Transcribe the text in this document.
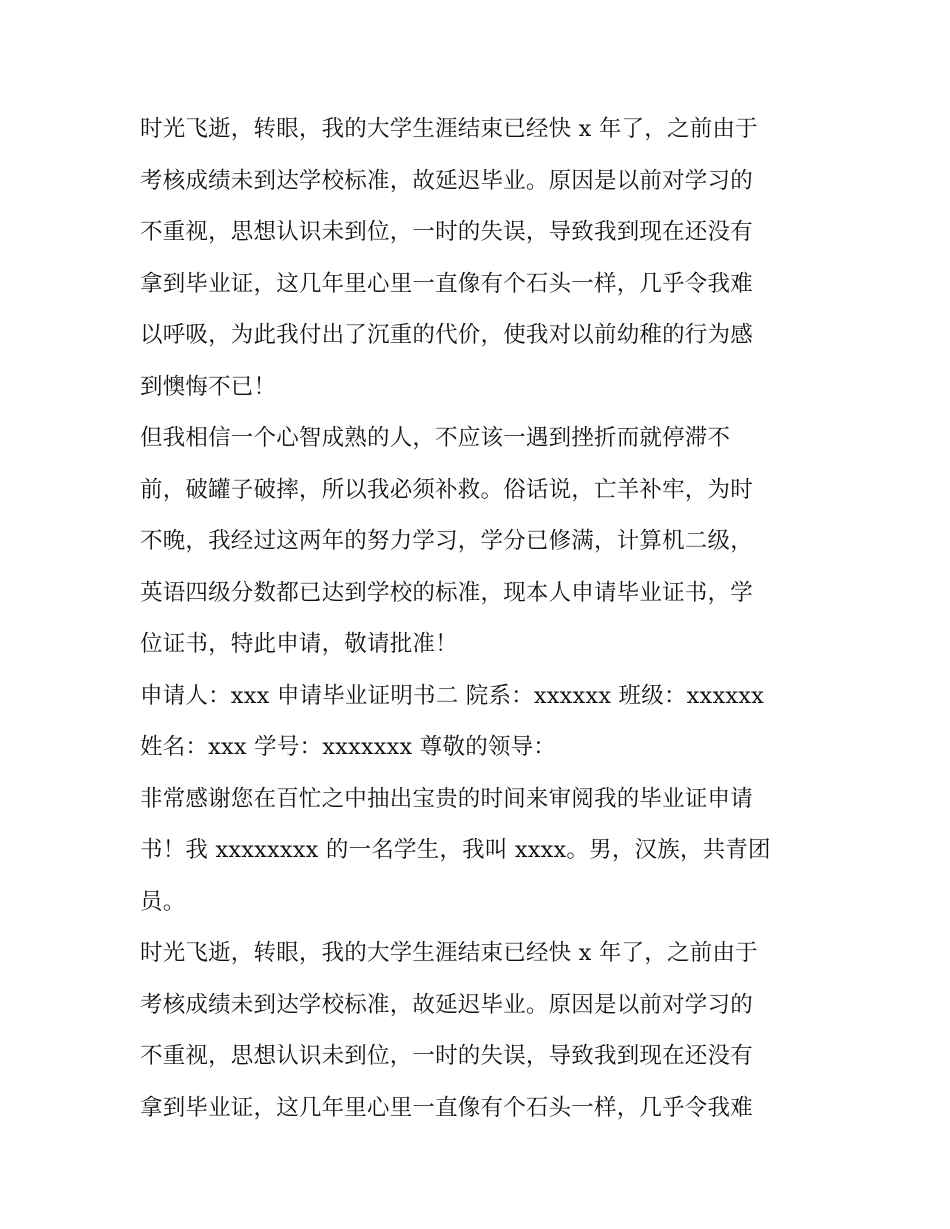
时光飞逝，转眼，我的大学生涯结束已经快 x 年了，之前由于
考核成绩未到达学校标准，故延迟毕业。原因是以前对学习的
不重视，思想认识未到位，一时的失误，导致我到现在还没有
拿到毕业证，这几年里心里一直像有个石头一样，几乎令我难
以呼吸，为此我付出了沉重的代价，使我对以前幼稚的行为感
到懊悔不已！
但我相信一个心智成熟的人，不应该一遇到挫折而就停滞不
前，破罐子破摔，所以我必须补救。俗话说，亡羊补牢，为时
不晚，我经过这两年的努力学习，学分已修满，计算机二级，
英语四级分数都已达到学校的标准，现本人申请毕业证书，学
位证书，特此申请，敬请批准！
申请人：xxx 申请毕业证明书二 院系：xxxxxx 班级：xxxxxx
姓名：xxx 学号：xxxxxxx 尊敬的领导：
非常感谢您在百忙之中抽出宝贵的时间来审阅我的毕业证申请
书！我 xxxxxxxx 的一名学生，我叫 xxxx。男，汉族，共青团
员。
时光飞逝，转眼，我的大学生涯结束已经快 x 年了，之前由于
考核成绩未到达学校标准，故延迟毕业。原因是以前对学习的
不重视，思想认识未到位，一时的失误，导致我到现在还没有
拿到毕业证，这几年里心里一直像有个石头一样，几乎令我难
